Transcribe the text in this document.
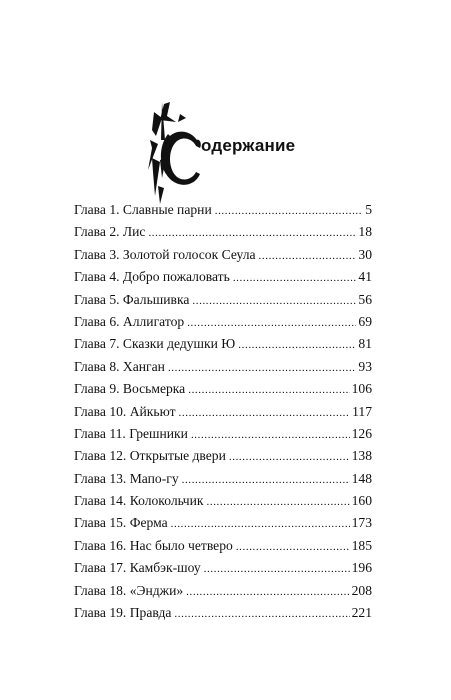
одержание
Глава 1. Славные парни .....	5
Глава 2. Лис .....	18
Глава 3. Золотой голосок Сеула .....	30
Глава 4. Добро пожаловать .....	41
Глава 5. Фальшивка .....	56
Глава 6. Аллигатор .....	69
Глава 7. Сказки дедушки Ю .....	81
Глава 8. Ханган .....	93
Глава 9. Восьмерка .....	106
Глава 10. Айкьют .....	117
Глава 11. Грешники .....	126
Глава 12. Открытые двери .....	138
Глава 13. Мапо-гу .....	148
Глава 14. Колокольчик .....	160
Глава 15. Ферма .....	173
Глава 16. Нас было четверо .....	185
Глава 17. Камбэк-шоу .....	196
Глава 18. «Энджи» .....	208
Глава 19. Правда .....	221
